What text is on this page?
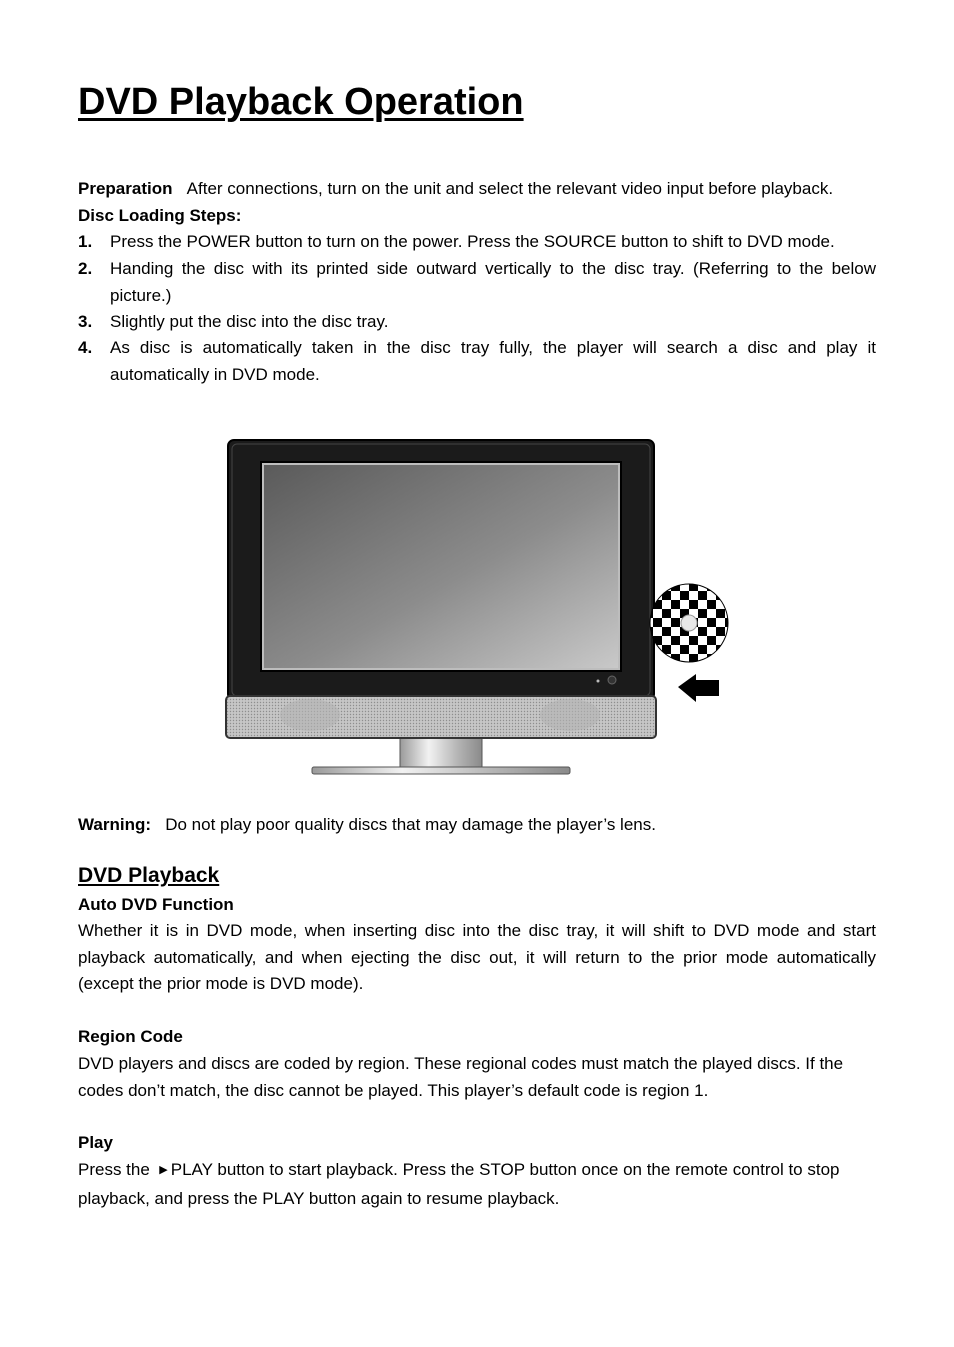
DVD Playback Operation
Preparation After connections, turn on the unit and select the relevant video input before playback.
Disc Loading Steps:
1. Press the POWER button to turn on the power. Press the SOURCE button to shift to DVD mode.
2. Handing the disc with its printed side outward vertically to the disc tray. (Referring to the below picture.)
3. Slightly put the disc into the disc tray.
4. As disc is automatically taken in the disc tray fully, the player will search a disc and play it automatically in DVD mode.
Warning: Do not play poor quality discs that may damage the player’s lens.
DVD Playback
Auto DVD Function
Whether it is in DVD mode, when inserting disc into the disc tray, it will shift to DVD mode and start playback automatically, and when ejecting the disc out, it will return to the prior mode automatically (except the prior mode is DVD mode).
Region Code
DVD players and discs are coded by region. These regional codes must match the played discs. If the codes don’t match, the disc cannot be played. This player’s default code is region 1.
Play
Press the ▶ PLAY button to start playback. Press the STOP button once on the remote control to stop playback, and press the PLAY button again to resume playback.
